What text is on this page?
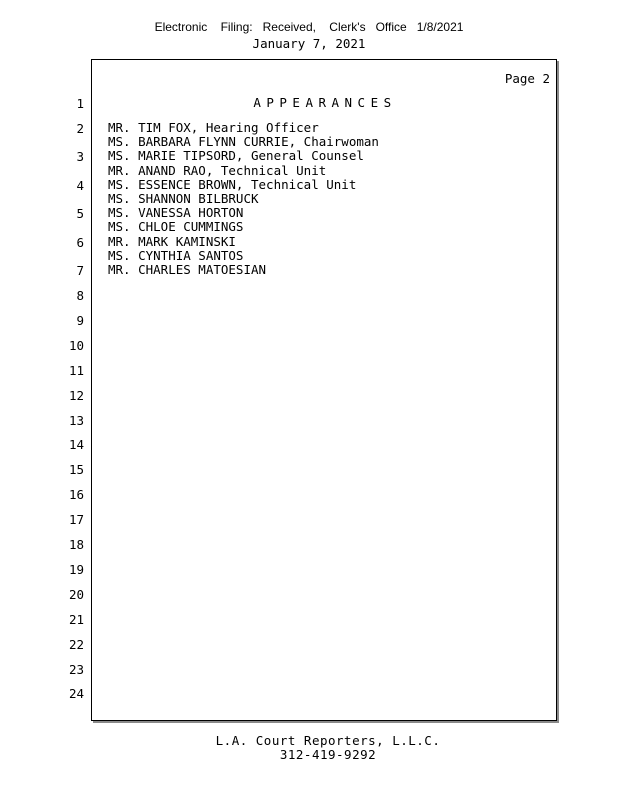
Electronic    Filing:   Received,    Clerk's   Office   1/8/2021
January 7, 2021
1
2
3
4
5
6
7
8
9
10
11
12
13
14
15
16
17
18
19
20
21
22
23
24
Page 2
APPEARANCES
MR. TIM FOX, Hearing Officer
MS. BARBARA FLYNN CURRIE, Chairwoman
MS. MARIE TIPSORD, General Counsel
MR. ANAND RAO, Technical Unit
MS. ESSENCE BROWN, Technical Unit
MS. SHANNON BILBRUCK
MS. VANESSA HORTON
MS. CHLOE CUMMINGS
MR. MARK KAMINSKI
MS. CYNTHIA SANTOS
MR. CHARLES MATOESIAN
L.A. Court Reporters, L.L.C.
312-419-9292
